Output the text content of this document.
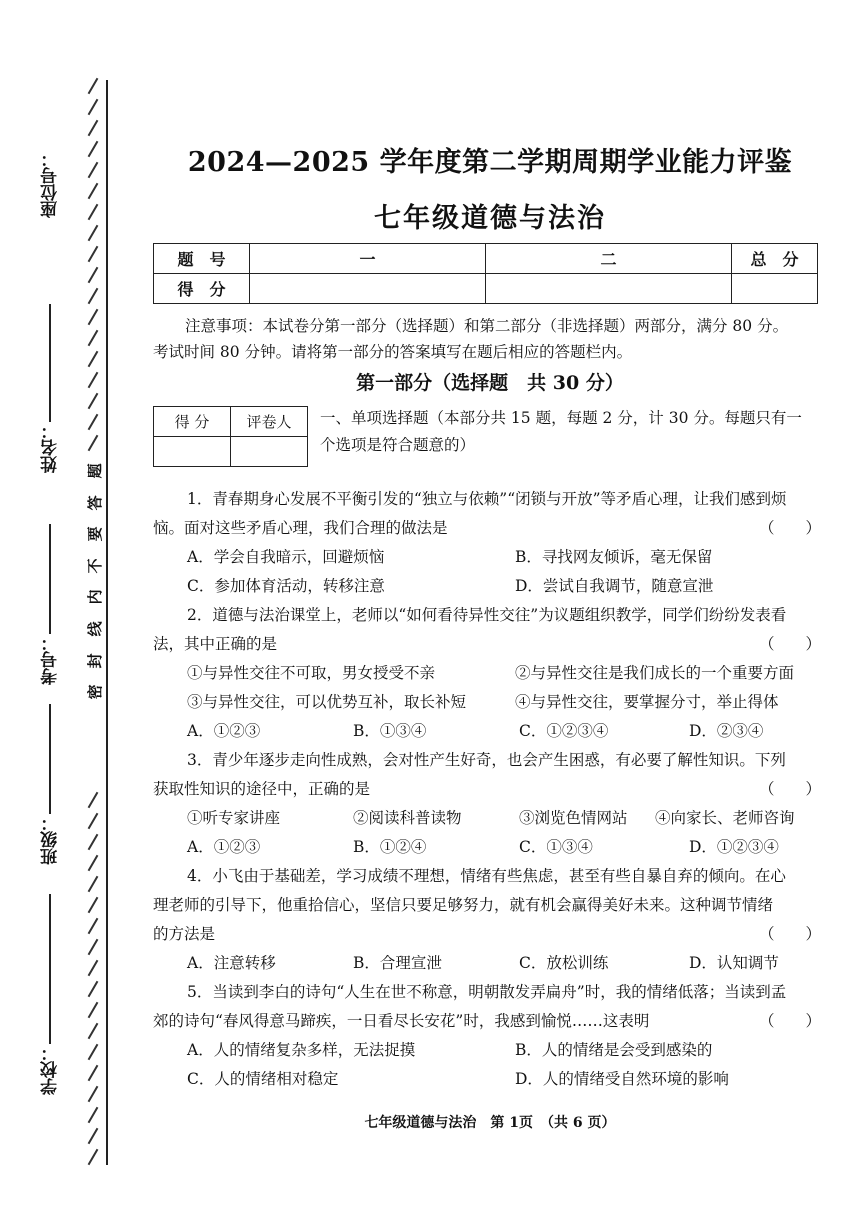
座位号：
姓名：
考号：
班级：
学校：
题
答
要
不
内
线
封
密
2024—2025 学年度第二学期周期学业能力评鉴
七年级道德与法治
题　号	一	二	总　分
得　分			
注意事项：本试卷分第一部分（选择题）和第二部分（非选择题）两部分，满分 80 分。
考试时间 80 分钟。请将第一部分的答案填写在题后相应的答题栏内。
第一部分（选择题　共 30 分）
得 分	评卷人
	一、单项选择题（本部分共 15 题，每题 2 分，计 30 分。每题只有一
个选项是符合题意的）
1．青春期身心发展不平衡引发的“独立与依赖”“闭锁与开放”等矛盾心理，让我们感到烦
恼。面对这些矛盾心理，我们合理的做法是	（　　）
A．学会自我暗示，回避烦恼	B．寻找网友倾诉，毫无保留
C．参加体育活动，转移注意	D．尝试自我调节，随意宣泄
2．道德与法治课堂上，老师以“如何看待异性交往”为议题组织教学，同学们纷纷发表看
法，其中正确的是	（　　）
①与异性交往不可取，男女授受不亲	②与异性交往是我们成长的一个重要方面
③与异性交往，可以优势互补，取长补短	④与异性交往，要掌握分寸，举止得体
A．①②③	B．①③④	C．①②③④	D．②③④
3．青少年逐步走向性成熟，会对性产生好奇，也会产生困惑，有必要了解性知识。下列
获取性知识的途径中，正确的是	（　　）
①听专家讲座	②阅读科普读物	③浏览色情网站 ④向家长、老师咨询
A．①②③	B．①②④	C．①③④	D．①②③④
4．小飞由于基础差，学习成绩不理想，情绪有些焦虑，甚至有些自暴自弃的倾向。在心
理老师的引导下，他重拾信心，坚信只要足够努力，就有机会赢得美好未来。这种调节情绪
的方法是	（　　）
A．注意转移	B．合理宣泄	C．放松训练	D．认知调节
5．当读到李白的诗句“人生在世不称意，明朝散发弄扁舟”时，我的情绪低落；当读到孟
郊的诗句“春风得意马蹄疾，一日看尽长安花”时，我感到愉悦……这表明	（　　）
A．人的情绪复杂多样，无法捉摸	B．人的情绪是会受到感染的
C．人的情绪相对稳定	D．人的情绪受自然环境的影响
七年级道德与法治　第 1页　（共 6 页）
